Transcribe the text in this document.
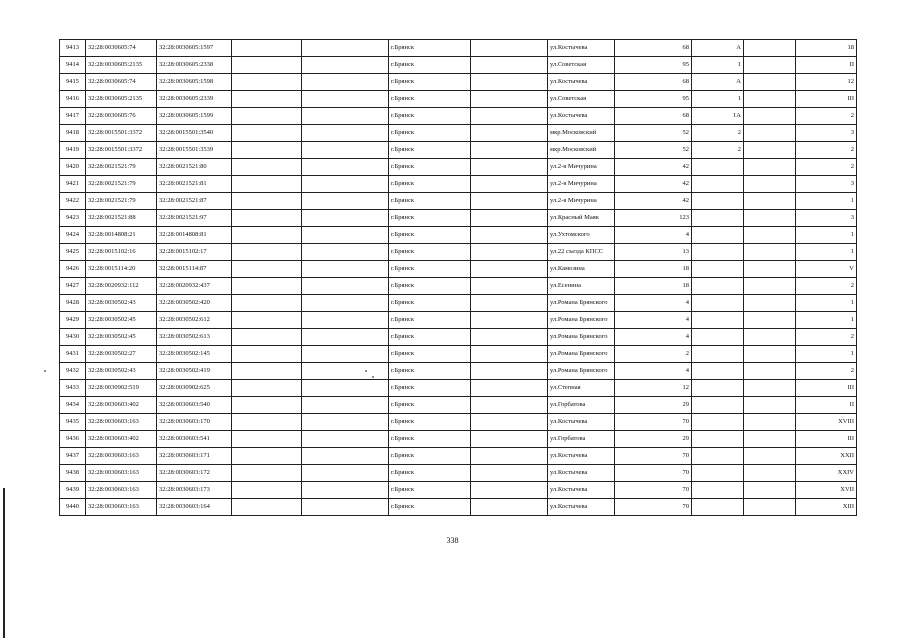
9413	32:28:0030605:74	32:28:0030605:1597			г.Брянск		ул.Костычева	68	А		18
9414	32:28:0030605:2135	32:28:0030605:2338			г.Брянск		ул.Советская	95	1		II
9415	32:28:0030605:74	32:28:0030605:1598			г.Брянск		ул.Костычева	68	А		12
9416	32:28:0030605:2135	32:28:0030605:2339			г.Брянск		ул.Советская	95	1		III
9417	32:28:0030605:76	32:28:0030605:1599			г.Брянск		ул.Костычева	68	1А		2
9418	32:28:0015501:3372	32:28:0015501:3540			г.Брянск		мкр.Московский	52	2		3
9419	32:28:0015501:3372	32:28:0015501:3539			г.Брянск		мкр.Московский	52	2		2
9420	32:28:0021521:79	32:28:0021521:80			г.Брянск		ул.2-я Мичурина	42			2
9421	32:28:0021521:79	32:28:0021521:81			г.Брянск		ул.2-я Мичурина	42			3
9422	32:28:0021521:79	32:28:0021521:87			г.Брянск		ул.2-я Мичурина	42			1
9423	32:28:0021521:88	32:28:0021521:97			г.Брянск		ул.Красный Маяк	123			3
9424	32:28:0014808:21	32:28:0014808:81			г.Брянск		ул.Ухтомского	4			1
9425	32:28:0015102:16	32:28:0015102:17			г.Брянск		ул.22 съезда КПСС	13			1
9426	32:28:0015114:20	32:28:0015114:87			г.Брянск		ул.Камозина	18			V
9427	32:28:0020932:112	32:28:0020932:437			г.Брянск		ул.Есенина	18			2
9428	32:28:0030502:43	32:28:0030502:420			г.Брянск		ул.Романа Брянского	4			1
9429	32:28:0030502:45	32:28:0030502:612			г.Брянск		ул.Романа Брянского	4			1
9430	32:28:0030502:45	32:28:0030502:613			г.Брянск		ул.Романа Брянского	4			2
9431	32:28:0030502:27	32:28:0030502:145			г.Брянск		ул.Романа Брянского	2			1
9432	32:28:0030502:43	32:28:0030502:419			г.Брянск		ул.Романа Брянского	4			2
9433	32:28:0030902:519	32:28:0030902:625			г.Брянск		ул.Степная	12			III
9434	32:28:0030603:402	32:28:0030603:540			г.Брянск		ул.Горбатова	29			II
9435	32:28:0030603:163	32:28:0030603:170			г.Брянск		ул.Костычева	70			XVIII
9436	32:28:0030603:402	32:28:0030603:541			г.Брянск		ул.Горбатова	29			III
9437	32:28:0030603:163	32:28:0030603:171			г.Брянск		ул.Костычева	70			XXII
9438	32:28:0030603:163	32:28:0030603:172			г.Брянск		ул.Костычева	70			XXIV
9439	32:28:0030603:163	32:28:0030603:173			г.Брянск		ул.Костычева	70			XVII
9440	32:28:0030603:163	32:28:0030603:164			г.Брянск		ул.Костычева	70			XIII
338
